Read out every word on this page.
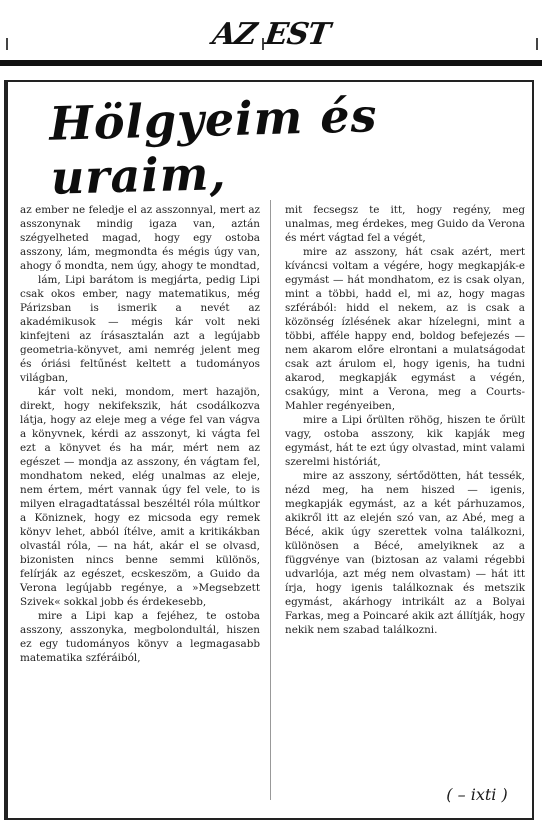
AZ EST
Hölgyeim és uraim,

az ember ne feledje el az asszonnyal, mert az asszonynak mindig igaza van, aztán szégyelheted magad, hogy egy ostoba asszony, lám, megmondta és mégis úgy van, ahogy ő mondta, nem úgy, ahogy te mondtad,

lám, Lipi barátom is megjárta, pedig Lipi csak okos ember, nagy matematikus, még Párizsban is ismerik a nevét az akadémikusok — mégis kár volt neki kinfejteni az írásasztalán azt a legújabb geometria-könyvet, ami nemrég jelent meg és óriási feltűnést keltett a tudományos világban,

kár volt neki, mondom, mert hazajön, direkt, hogy nekifekszik, hát csodálkozva látja, hogy az eleje meg a vége fel van vágva a könyvnek, kérdi az asszonyt, ki vágta fel ezt a könyvet és ha már, mért nem az egészet — mondja az asszony, én vágtam fel, mondhatom neked, elég unalmas az eleje, nem értem, mért vannak úgy fel vele, to is milyen elragadtatással beszéltél róla múltkor a Köniznek, hogy ez micsoda egy remek könyv lehet, abból ítélve, amit a kritikákban olvastál róla, — na hát, akár el se olvasd, bizonisten nincs benne semmi különös, felírják az egészet, ecskeszöm, a Guido da Verona legújabb regénye, a »Megsebzett Szivek« sokkal jobb és érdekesebb,

mire a Lipi kap a fejéhez, te ostoba asszony, asszonyka, megbolondultál, hiszen ez egy tudományos könyv a legmagasabb matematika szféráiból,

mit fecsegsz te itt, hogy regény, meg unalmas, meg érdekes, meg Guido da Verona és mért vágtad fel a végét,

mire az asszony, hát csak azért, mert kíváncsi voltam a végére, hogy megkapják-e egymást — hát mondhatom, ez is csak olyan, mint a többi, hadd el, mi az, hogy magas szférából: hidd el nekem, az is csak a közönség ízlésének akar hízelegni, mint a többi, afféle happy end, boldog befejezés — nem akarom előre elrontani a mulatságodat csak azt árulom el, hogy igenis, ha tudni akarod, megkapják egymást a végén, csakúgy, mint a Verona, meg a Courts-Mahler regényeiben,

mire a Lipi őrülten röhög, hiszen te őrült vagy, ostoba asszony, kik kapják meg egymást, hát te ezt úgy olvastad, mint valami szerelmi históriát,

mire az asszony, sértődötten, hát tessék, nézd meg, ha nem hiszed — igenis, megkapják egymást, az a két párhuzamos, akikről itt az elején szó van, az Abé, meg a Bécé, akik úgy szerettek volna találkozni, különösen a Bécé, amelyiknek az a függvénye van (biztosan az valami régebbi udvarlója, azt még nem olvastam) — hát itt írja, hogy igenis találkoznak és metszik egymást, akárhogy intrikált az a Bolyai Farkas, meg a Poincaré akik azt állítják, hogy nekik nem szabad találkozni.

( – ixti )
